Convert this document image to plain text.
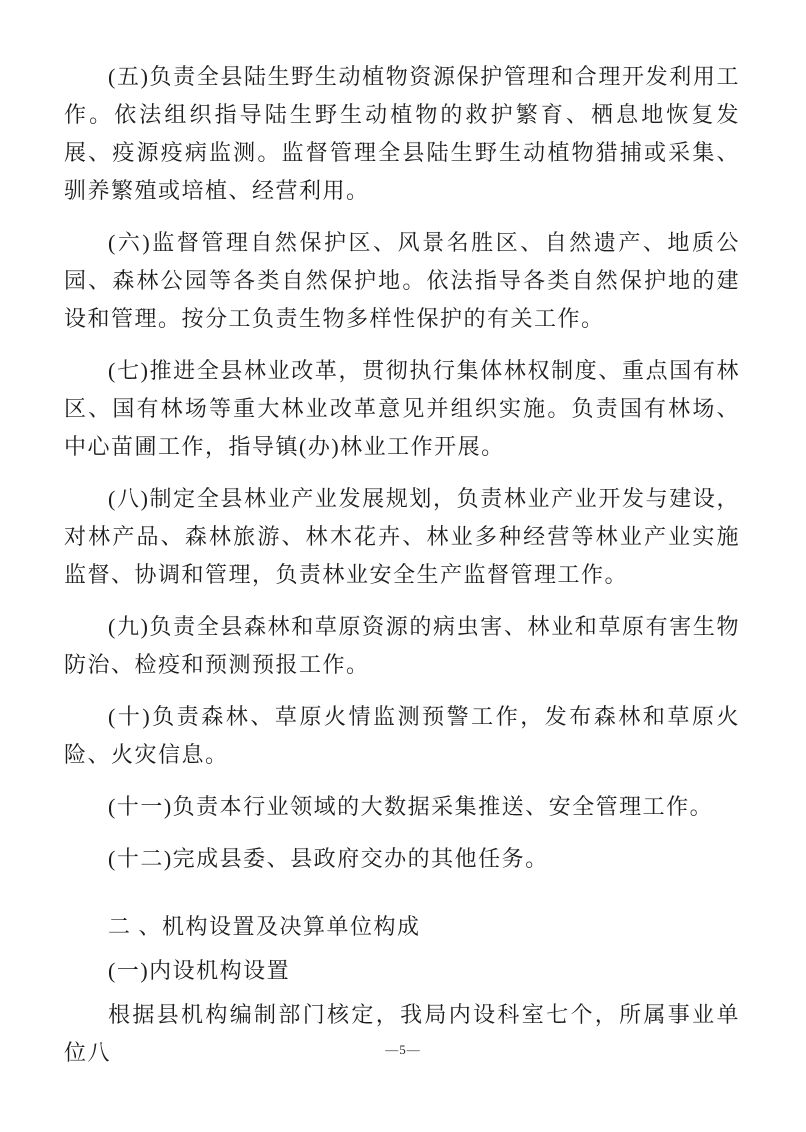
(五)负责全县陆生野生动植物资源保护管理和合理开发利用工作。依法组织指导陆生野生动植物的救护繁育、栖息地恢复发展、疫源疫病监测。监督管理全县陆生野生动植物猎捕或采集、驯养繁殖或培植、经营利用。

(六)监督管理自然保护区、风景名胜区、自然遗产、地质公园、森林公园等各类自然保护地。依法指导各类自然保护地的建设和管理。按分工负责生物多样性保护的有关工作。

(七)推进全县林业改革，贯彻执行集体林权制度、重点国有林区、国有林场等重大林业改革意见并组织实施。负责国有林场、中心苗圃工作，指导镇(办)林业工作开展。

(八)制定全县林业产业发展规划，负责林业产业开发与建设，对林产品、森林旅游、林木花卉、林业多种经营等林业产业实施监督、协调和管理，负责林业安全生产监督管理工作。

(九)负责全县森林和草原资源的病虫害、林业和草原有害生物防治、检疫和预测预报工作。

(十)负责森林、草原火情监测预警工作，发布森林和草原火险、火灾信息。

(十一)负责本行业领域的大数据采集推送、安全管理工作。

(十二)完成县委、县政府交办的其他任务。

二 、机构设置及决算单位构成

(一)内设机构设置

根据县机构编制部门核定，我局内设科室七个，所属事业单位八	—5—
